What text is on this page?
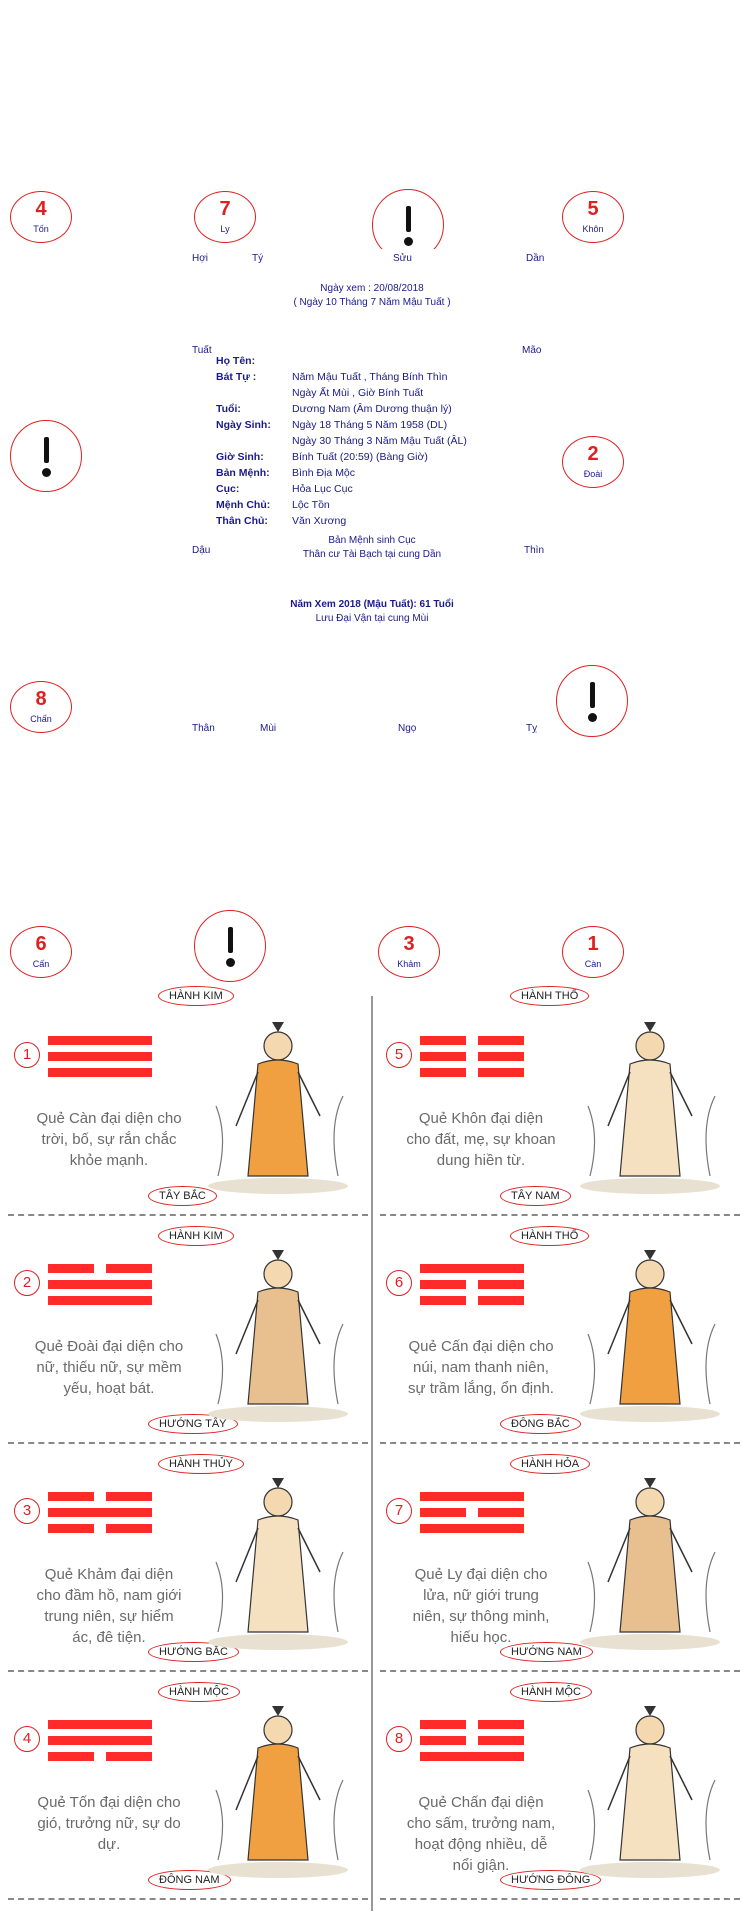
4
Tốn
7
Ly
5
Khôn
2
Đoài
8
Chấn
6
Cấn
3
Khảm
1
Càn
Hợi	Tý	Sửu	Dần
Tuất	Mão
Dậu	Thìn
Thân	Mùi	Ngọ	Tỵ
Ngày xem : 20/08/2018
( Ngày 10 Tháng 7 Năm Mậu Tuất )
Họ Tên:
Bát Tự :	Năm Mậu Tuất , Tháng Bính Thìn
Ngày Ất Mùi , Giờ Bính Tuất
Tuổi:	Dương Nam (Âm Dương thuận lý)
Ngày Sinh:	Ngày 18 Tháng 5 Năm 1958 (DL)
Ngày 30 Tháng 3 Năm Mậu Tuất (ÂL)
Giờ Sinh:	Bính Tuất (20:59) (Bàng Giờ)
Bản Mệnh:	Bình Địa Mộc
Cục:	Hỏa Lục Cục
Mệnh Chủ:	Lộc Tồn
Thân Chủ:	Văn Xương
Bản Mệnh sinh Cục
Thân cư Tài Bạch tại cung Dần
Năm Xem 2018 (Mậu Tuất): 61 Tuổi
Lưu Đại Vận tại cung Mùi
1
Quẻ Càn đại diện cho trời, bố, sự rắn chắc khỏe mạnh.
HÀNH KIM
TÂY BẮC
5
Quẻ Khôn đại diện cho đất, mẹ, sự khoan dung hiền từ.
HÀNH THỔ
TÂY NAM
2
Quẻ Đoài đại diện cho nữ, thiếu nữ, sự mềm yếu, hoạt bát.
HÀNH KIM
HƯỚNG TÂY
6
Quẻ Cấn đại diện cho núi, nam thanh niên, sự trầm lắng, ổn định.
HÀNH THỔ
ĐÔNG BẮC
3
Quẻ Khảm đại diện cho đầm hồ, nam giới trung niên, sự hiểm ác, đê tiện.
HÀNH THỦY
HƯỚNG BẮC
7
Quẻ Ly đại diện cho lửa, nữ giới trung niên, sự thông minh, hiếu học.
HÀNH HỎA
HƯỚNG NAM
4
Quẻ Tốn đại diện cho gió, trưởng nữ, sự do dự.
HÀNH MỘC
ĐÔNG NAM
8
Quẻ Chấn đại diện cho sấm, trưởng nam, hoạt động nhiều, dễ nổi giận.
HÀNH MỘC
HƯỚNG ĐÔNG
